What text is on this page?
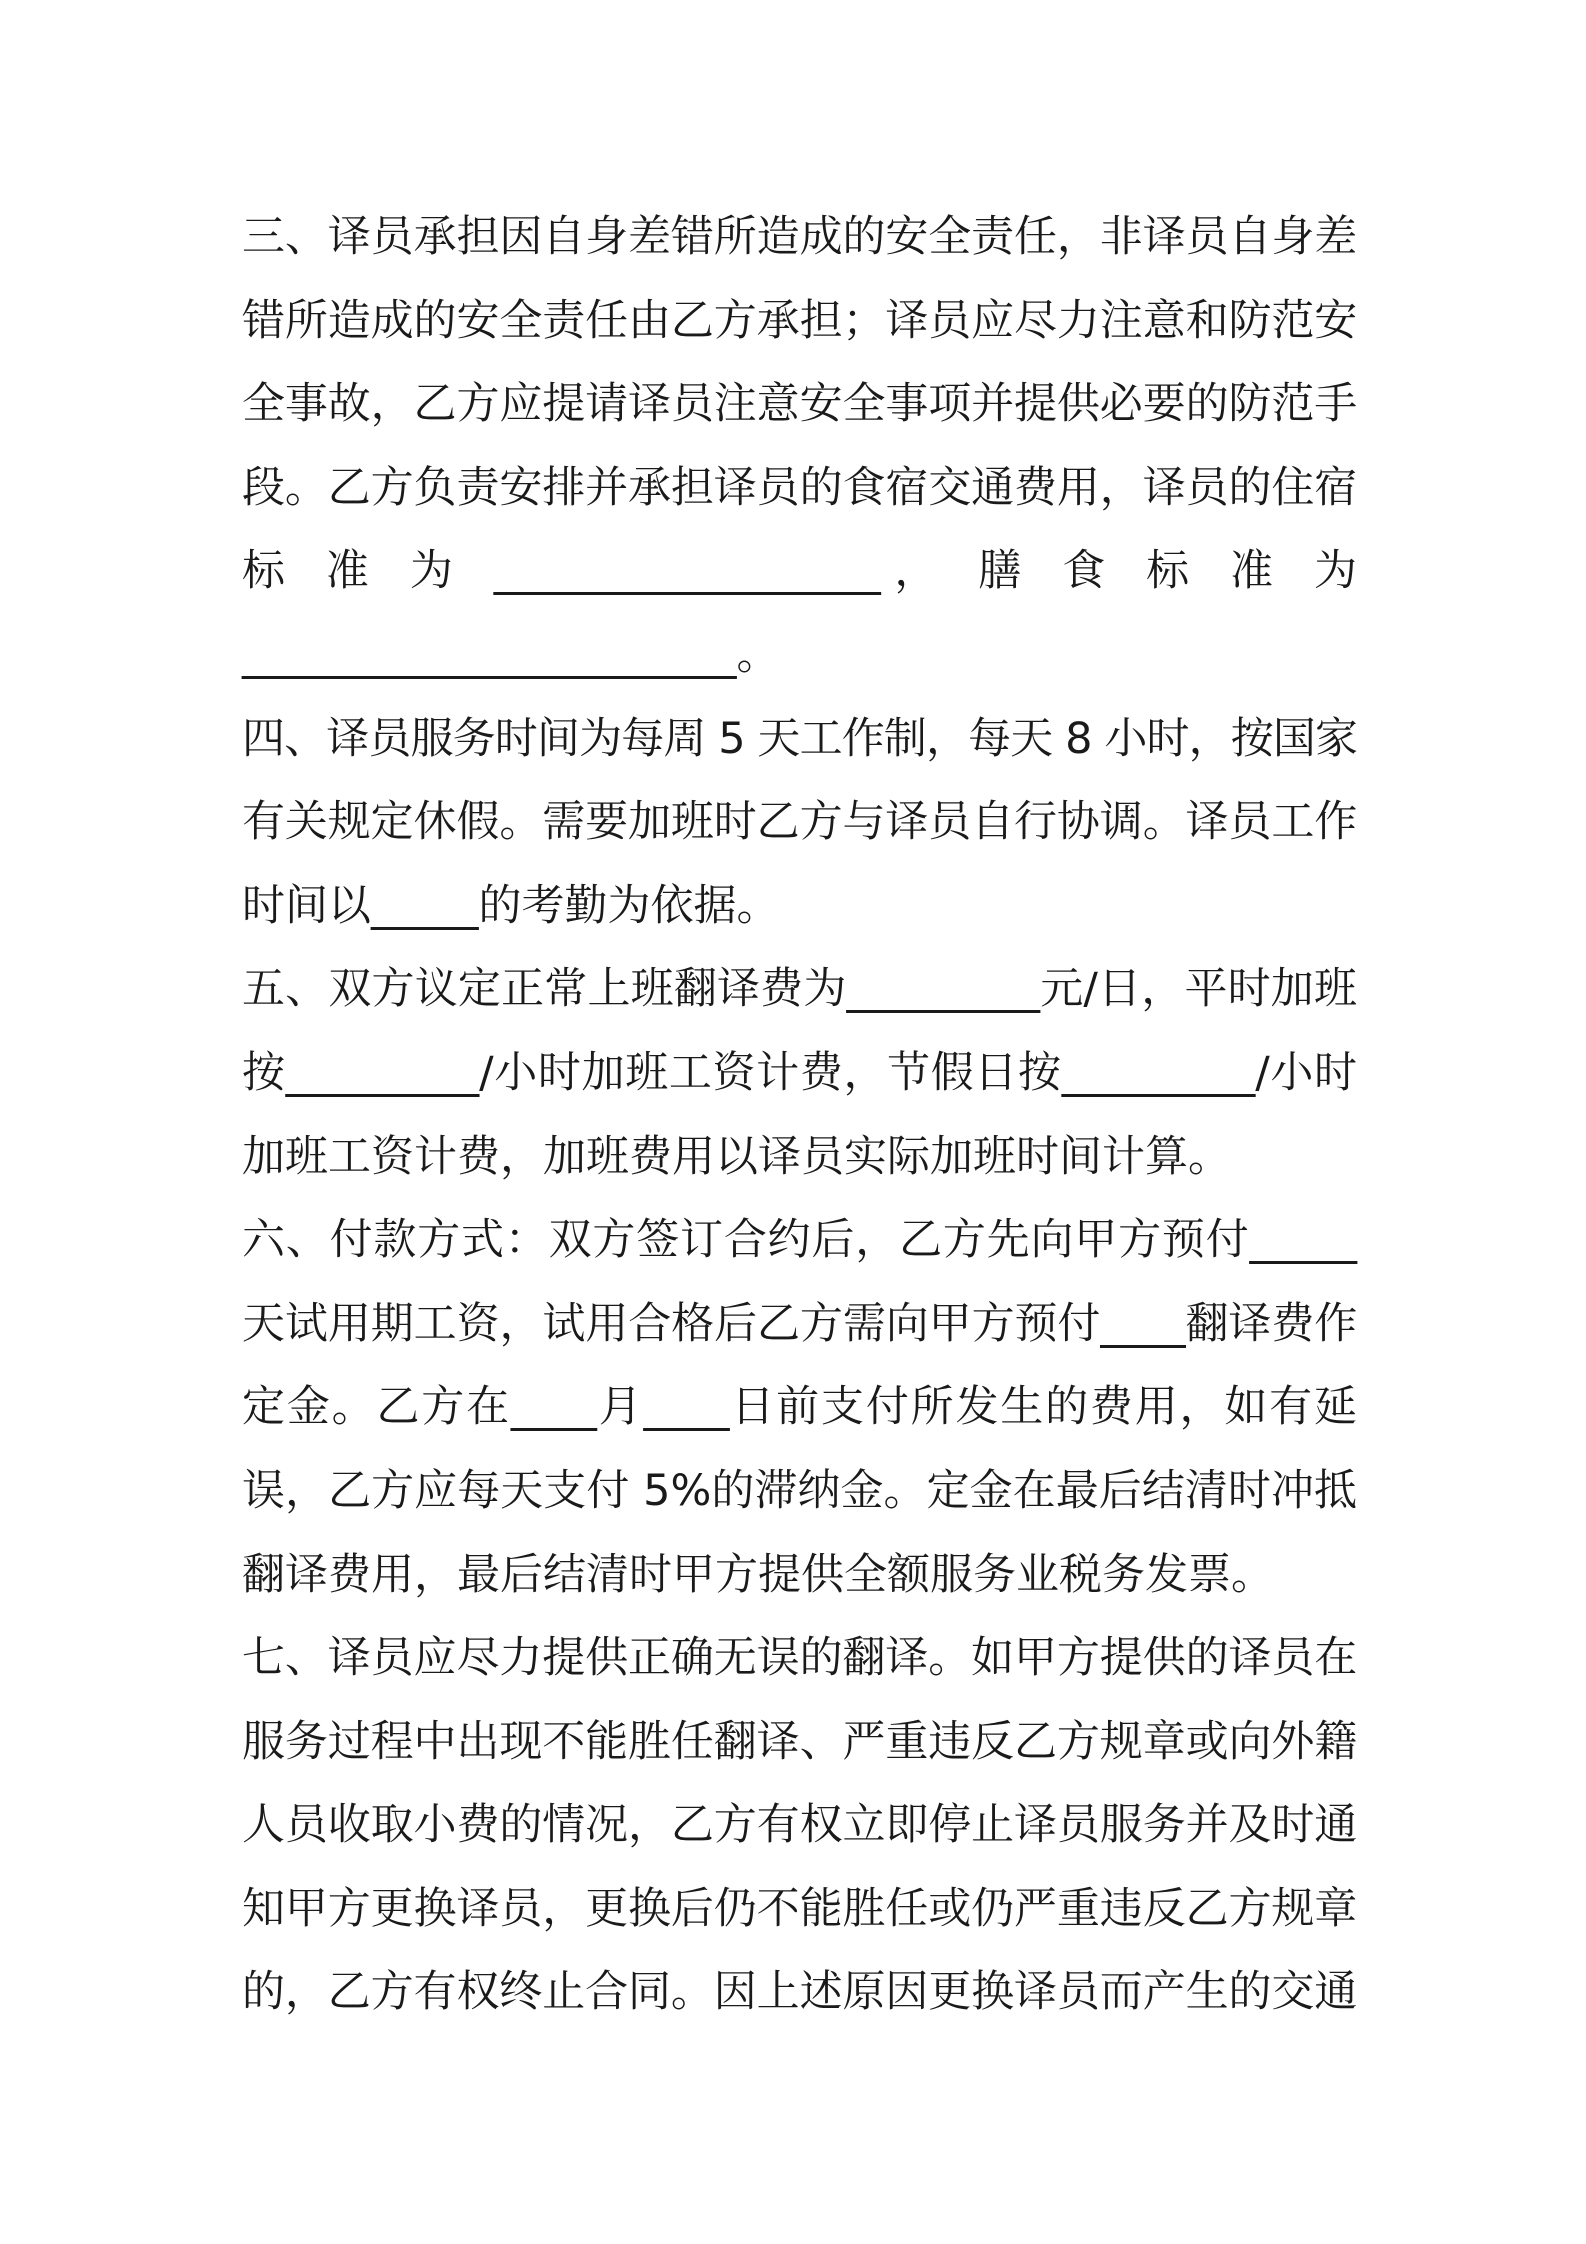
三、译员承担因自身差错所造成的安全责任，非译员自身差
错所造成的安全责任由乙方承担；译员应尽力注意和防范安
全事故，乙方应提请译员注意安全事项并提供必要的防范手
段。乙方负责安排并承担译员的食宿交通费用，译员的住宿
标 准 为 __________________， 膳 食 标 准 为
_______________________。
四、译员服务时间为每周 5 天工作制，每天 8 小时，按国家
有关规定休假。需要加班时乙方与译员自行协调。译员工作
时间以_____的考勤为依据。
五、双方议定正常上班翻译费为_________元/日，平时加班
按_________/小时加班工资计费，节假日按_________/小时
加班工资计费，加班费用以译员实际加班时间计算。
六、付款方式：双方签订合约后，乙方先向甲方预付_____
天试用期工资，试用合格后乙方需向甲方预付____翻译费作
定金。乙方在____月____日前支付所发生的费用，如有延
误，乙方应每天支付 5%的滞纳金。定金在最后结清时冲抵
翻译费用，最后结清时甲方提供全额服务业税务发票。
七、译员应尽力提供正确无误的翻译。如甲方提供的译员在
服务过程中出现不能胜任翻译、严重违反乙方规章或向外籍
人员收取小费的情况，乙方有权立即停止译员服务并及时通
知甲方更换译员，更换后仍不能胜任或仍严重违反乙方规章
的，乙方有权终止合同。因上述原因更换译员而产生的交通
